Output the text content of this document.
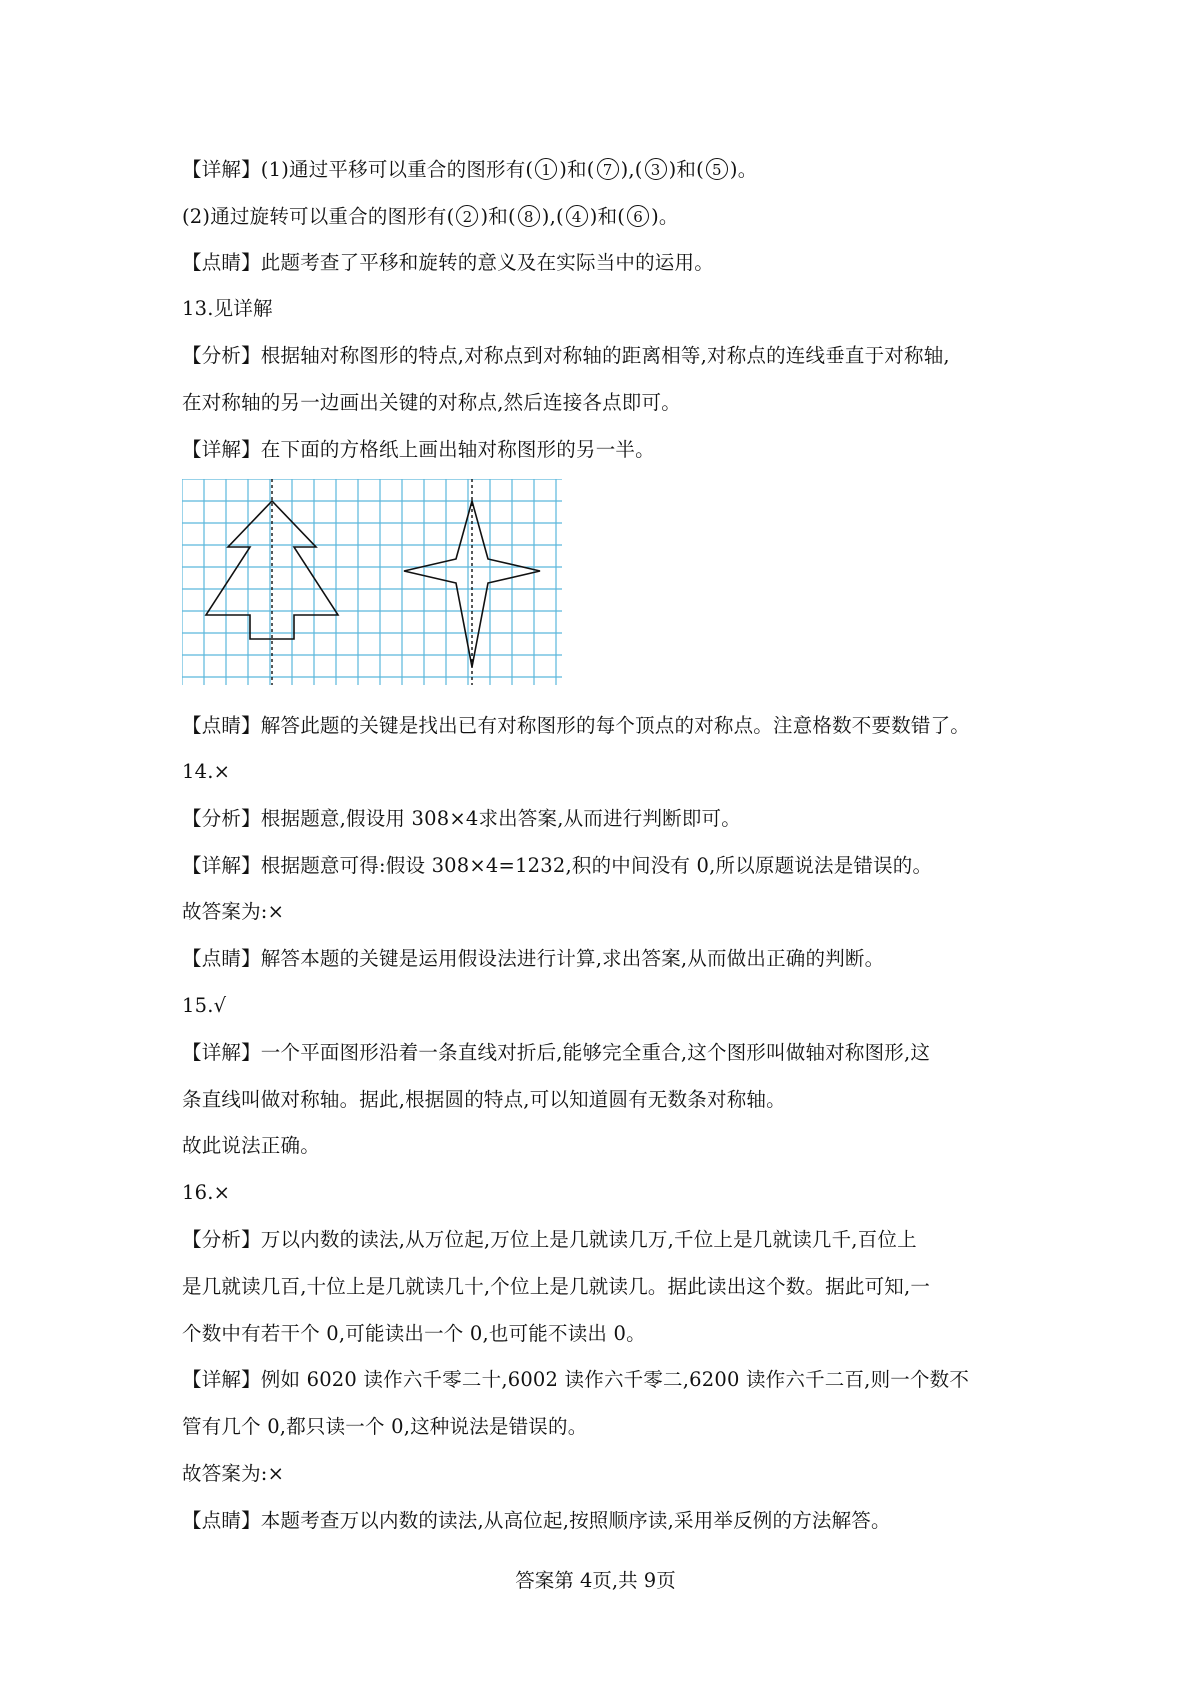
【详解】(1)通过平移可以重合的图形有( 1 )和( 7 ),( 3 )和( 5 )。
(2)通过旋转可以重合的图形有( 2 )和( 8 ),( 4 )和( 6 )。
【点睛】此题考查了平移和旋转的意义及在实际当中的运用。
13.见详解
【分析】根据轴对称图形的特点,对称点到对称轴的距离相等,对称点的连线垂直于对称轴,
在对称轴的另一边画出关键的对称点,然后连接各点即可。
【详解】在下面的方格纸上画出轴对称图形的另一半。
【点睛】解答此题的关键是找出已有对称图形的每个顶点的对称点。注意格数不要数错了。
14.×
【分析】根据题意,假设用 308×4求出答案,从而进行判断即可。
【详解】根据题意可得:假设 308×4=1232,积的中间没有 0,所以原题说法是错误的。
故答案为:×
【点睛】解答本题的关键是运用假设法进行计算,求出答案,从而做出正确的判断。
15.√
【详解】一个平面图形沿着一条直线对折后,能够完全重合,这个图形叫做轴对称图形,这
条直线叫做对称轴。据此,根据圆的特点,可以知道圆有无数条对称轴。
故此说法正确。
16.×
【分析】万以内数的读法,从万位起,万位上是几就读几万,千位上是几就读几千,百位上
是几就读几百,十位上是几就读几十,个位上是几就读几。据此读出这个数。据此可知,一
个数中有若干个 0,可能读出一个 0,也可能不读出 0。
【详解】例如 6020 读作六千零二十,6002 读作六千零二,6200 读作六千二百,则一个数不
管有几个 0,都只读一个 0,这种说法是错误的。
故答案为:×
【点睛】本题考查万以内数的读法,从高位起,按照顺序读,采用举反例的方法解答。
答案第 4页,共 9页
